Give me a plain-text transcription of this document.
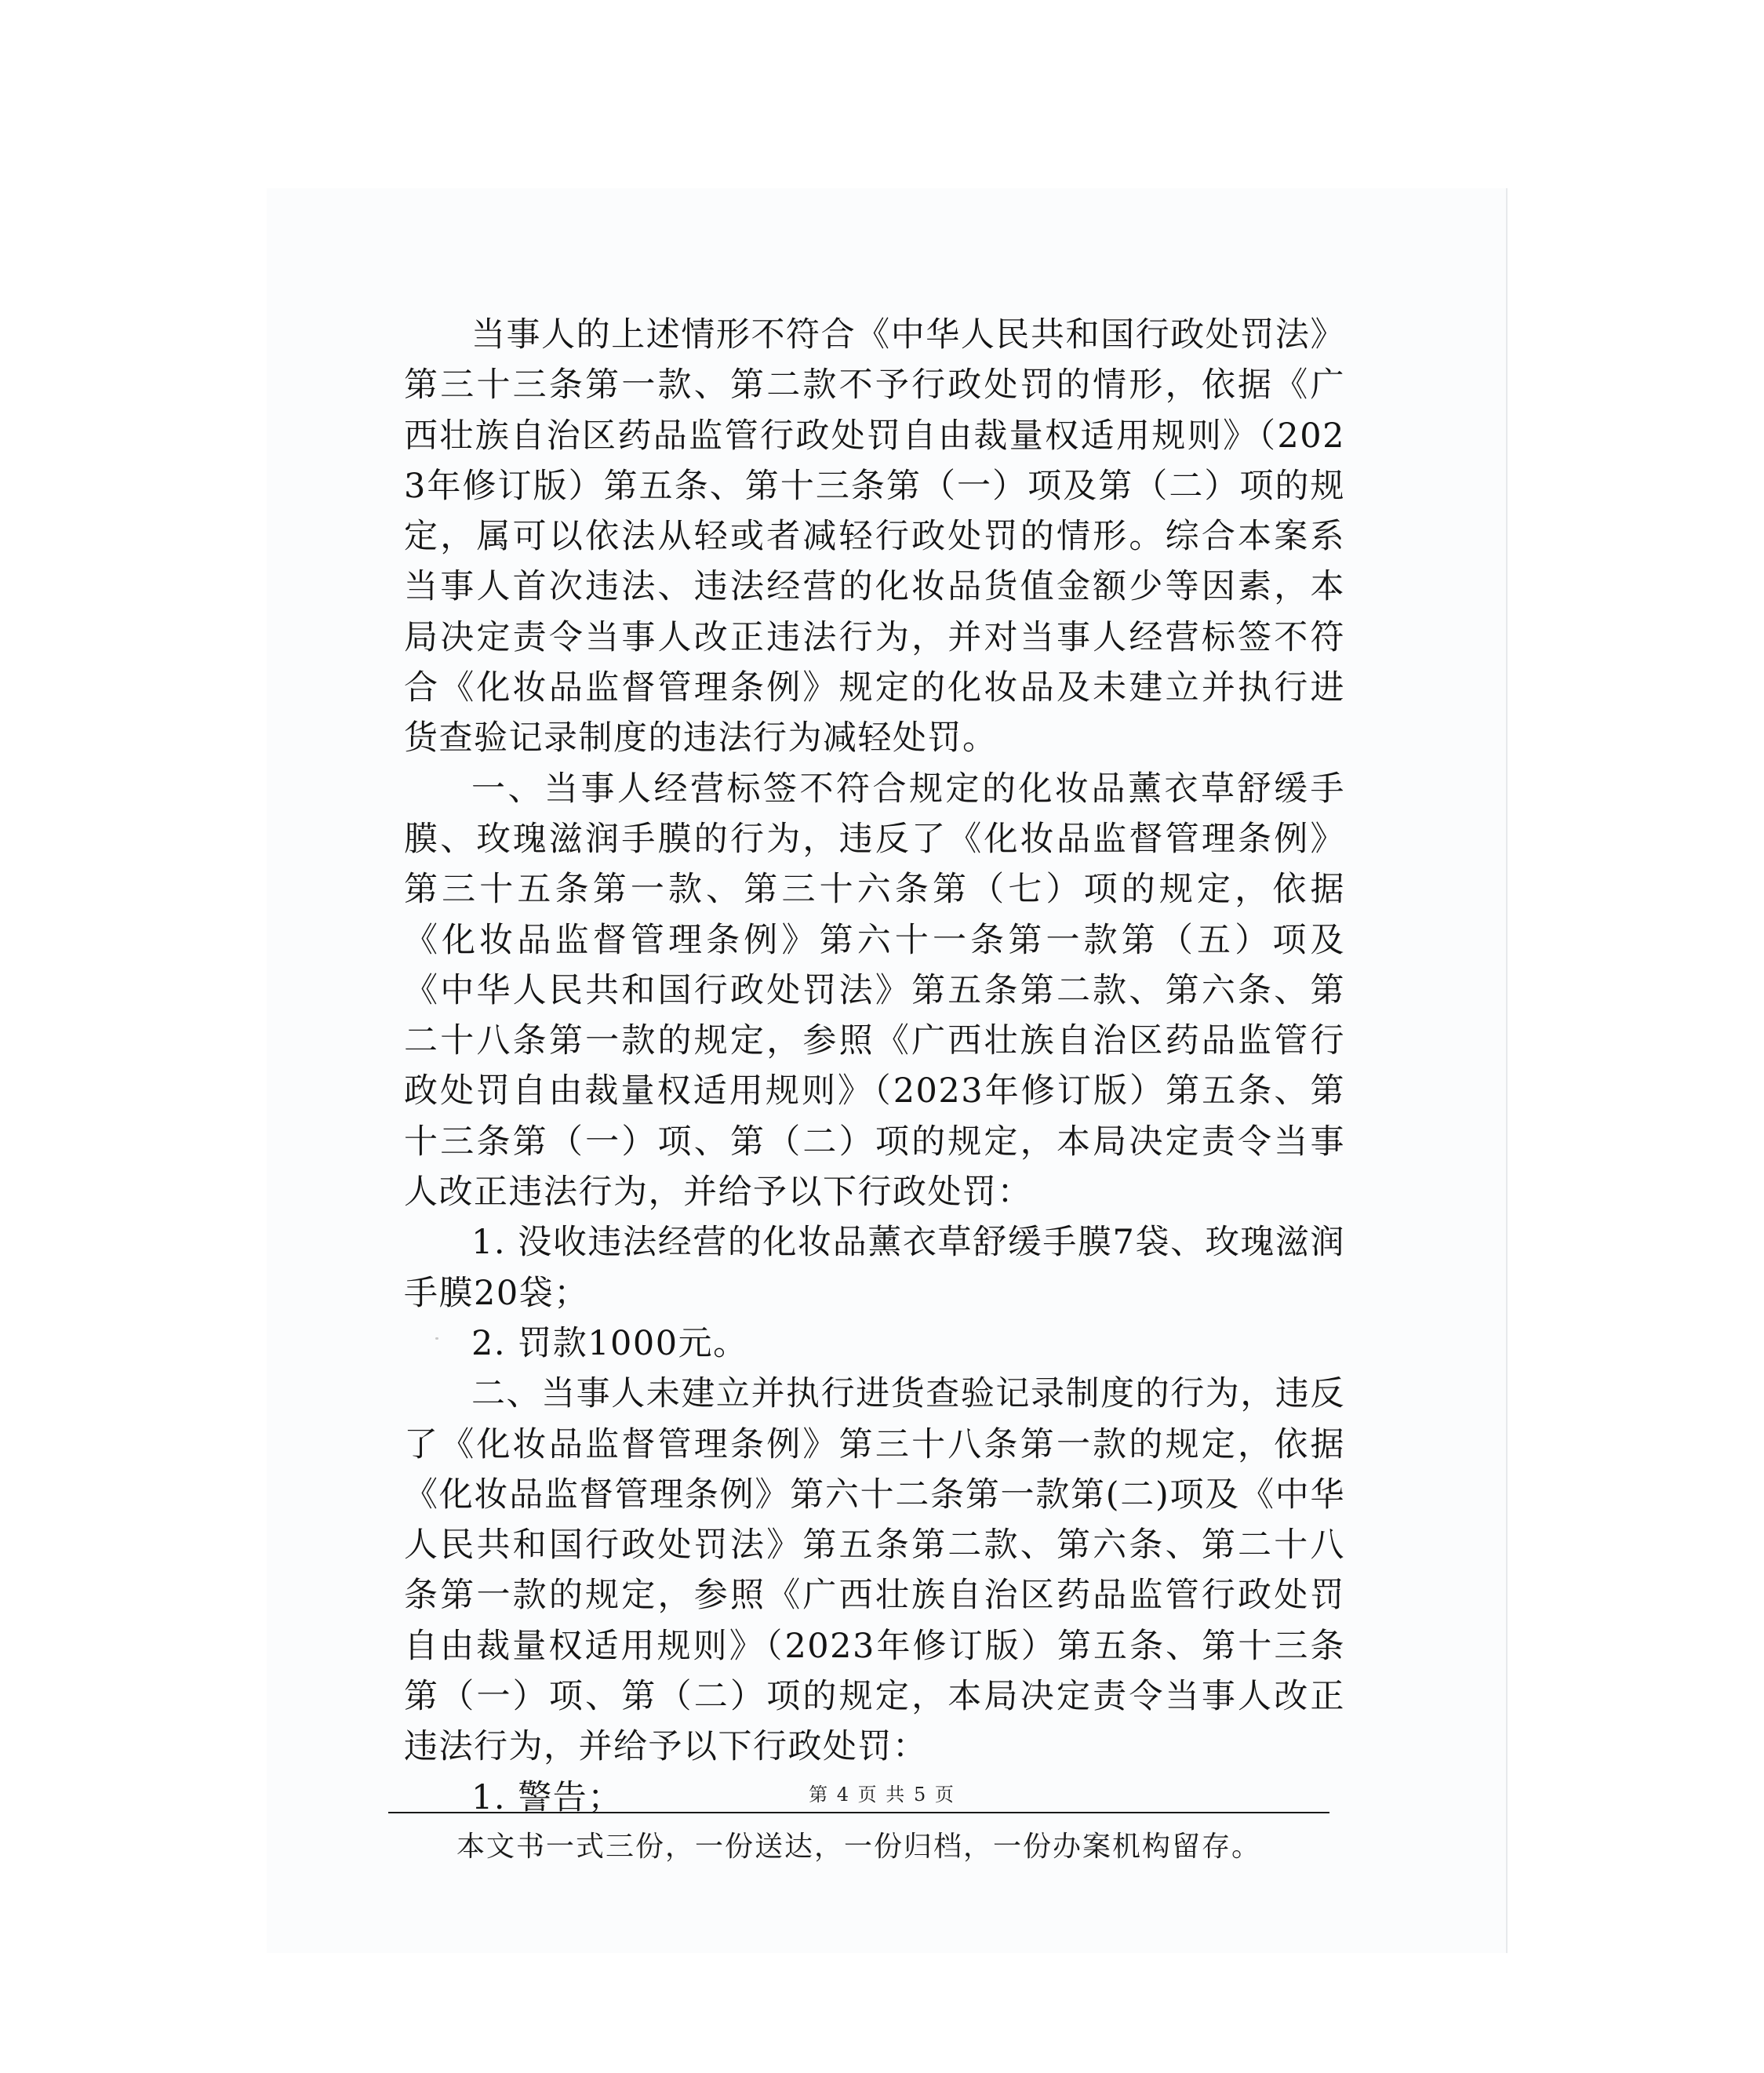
当事人的上述情形不符合《中华人民共和国行政处罚法》第三十三条第一款、第二款不予行政处罚的情形，依据《广西壮族自治区药品监管行政处罚自由裁量权适用规则》（2023年修订版）第五条、第十三条第（一）项及第（二）项的规定，属可以依法从轻或者减轻行政处罚的情形。综合本案系当事人首次违法、违法经营的化妆品货值金额少等因素，本局决定责令当事人改正违法行为，并对当事人经营标签不符合《化妆品监督管理条例》规定的化妆品及未建立并执行进货查验记录制度的违法行为减轻处罚。

一、当事人经营标签不符合规定的化妆品薰衣草舒缓手膜、玫瑰滋润手膜的行为，违反了《化妆品监督管理条例》第三十五条第一款、第三十六条第（七）项的规定，依据《化妆品监督管理条例》第六十一条第一款第（五）项及《中华人民共和国行政处罚法》第五条第二款、第六条、第二十八条第一款的规定，参照《广西壮族自治区药品监管行政处罚自由裁量权适用规则》（2023年修订版）第五条、第十三条第（一）项、第（二）项的规定，本局决定责令当事人改正违法行为，并给予以下行政处罚：

1. 没收违法经营的化妆品薰衣草舒缓手膜7袋、玫瑰滋润手膜20袋；

2. 罚款1000元。

二、当事人未建立并执行进货查验记录制度的行为，违反了《化妆品监督管理条例》第三十八条第一款的规定，依据《化妆品监督管理条例》第六十二条第一款第(二)项及《中华人民共和国行政处罚法》第五条第二款、第六条、第二十八条第一款的规定，参照《广西壮族自治区药品监管行政处罚自由裁量权适用规则》（2023年修订版）第五条、第十三条第（一）项、第（二）项的规定，本局决定责令当事人改正违法行为，并给予以下行政处罚：

1. 警告；	第 4 页 共 5 页
本文书一式三份，一份送达，一份归档，一份办案机构留存。
